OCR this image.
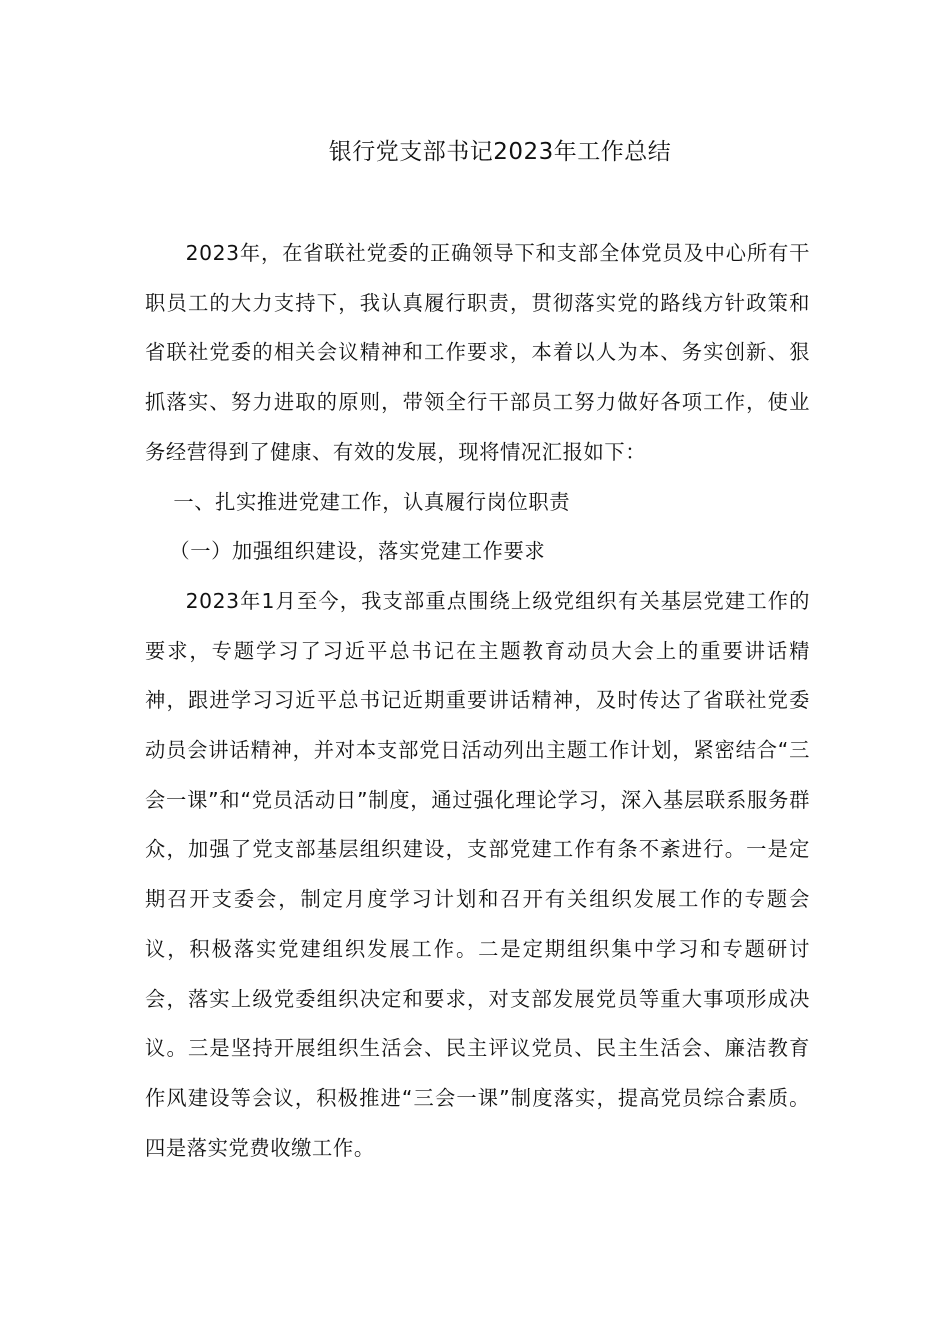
银行党支部书记2023年工作总结

2023年，在省联社党委的正确领导下和支部全体党员及中心所有干职员工的大力支持下，我认真履行职责，贯彻落实党的路线方针政策和省联社党委的相关会议精神和工作要求，本着以人为本、务实创新、狠抓落实、努力进取的原则，带领全行干部员工努力做好各项工作，使业务经营得到了健康、有效的发展，现将情况汇报如下：

一、扎实推进党建工作，认真履行岗位职责

（一）加强组织建设，落实党建工作要求

2023年1月至今，我支部重点围绕上级党组织有关基层党建工作的要求，专题学习了习近平总书记在主题教育动员大会上的重要讲话精神，跟进学习习近平总书记近期重要讲话精神，及时传达了省联社党委动员会讲话精神，并对本支部党日活动列出主题工作计划，紧密结合“三会一课”和“党员活动日”制度，通过强化理论学习，深入基层联系服务群众，加强了党支部基层组织建设，支部党建工作有条不紊进行。一是定期召开支委会，制定月度学习计划和召开有关组织发展工作的专题会议，积极落实党建组织发展工作。二是定期组织集中学习和专题研讨会，落实上级党委组织决定和要求，对支部发展党员等重大事项形成决议。三是坚持开展组织生活会、民主评议党员、民主生活会、廉洁教育作风建设等会议，积极推进“三会一课”制度落实，提高党员综合素质。四是落实党费收缴工作。
